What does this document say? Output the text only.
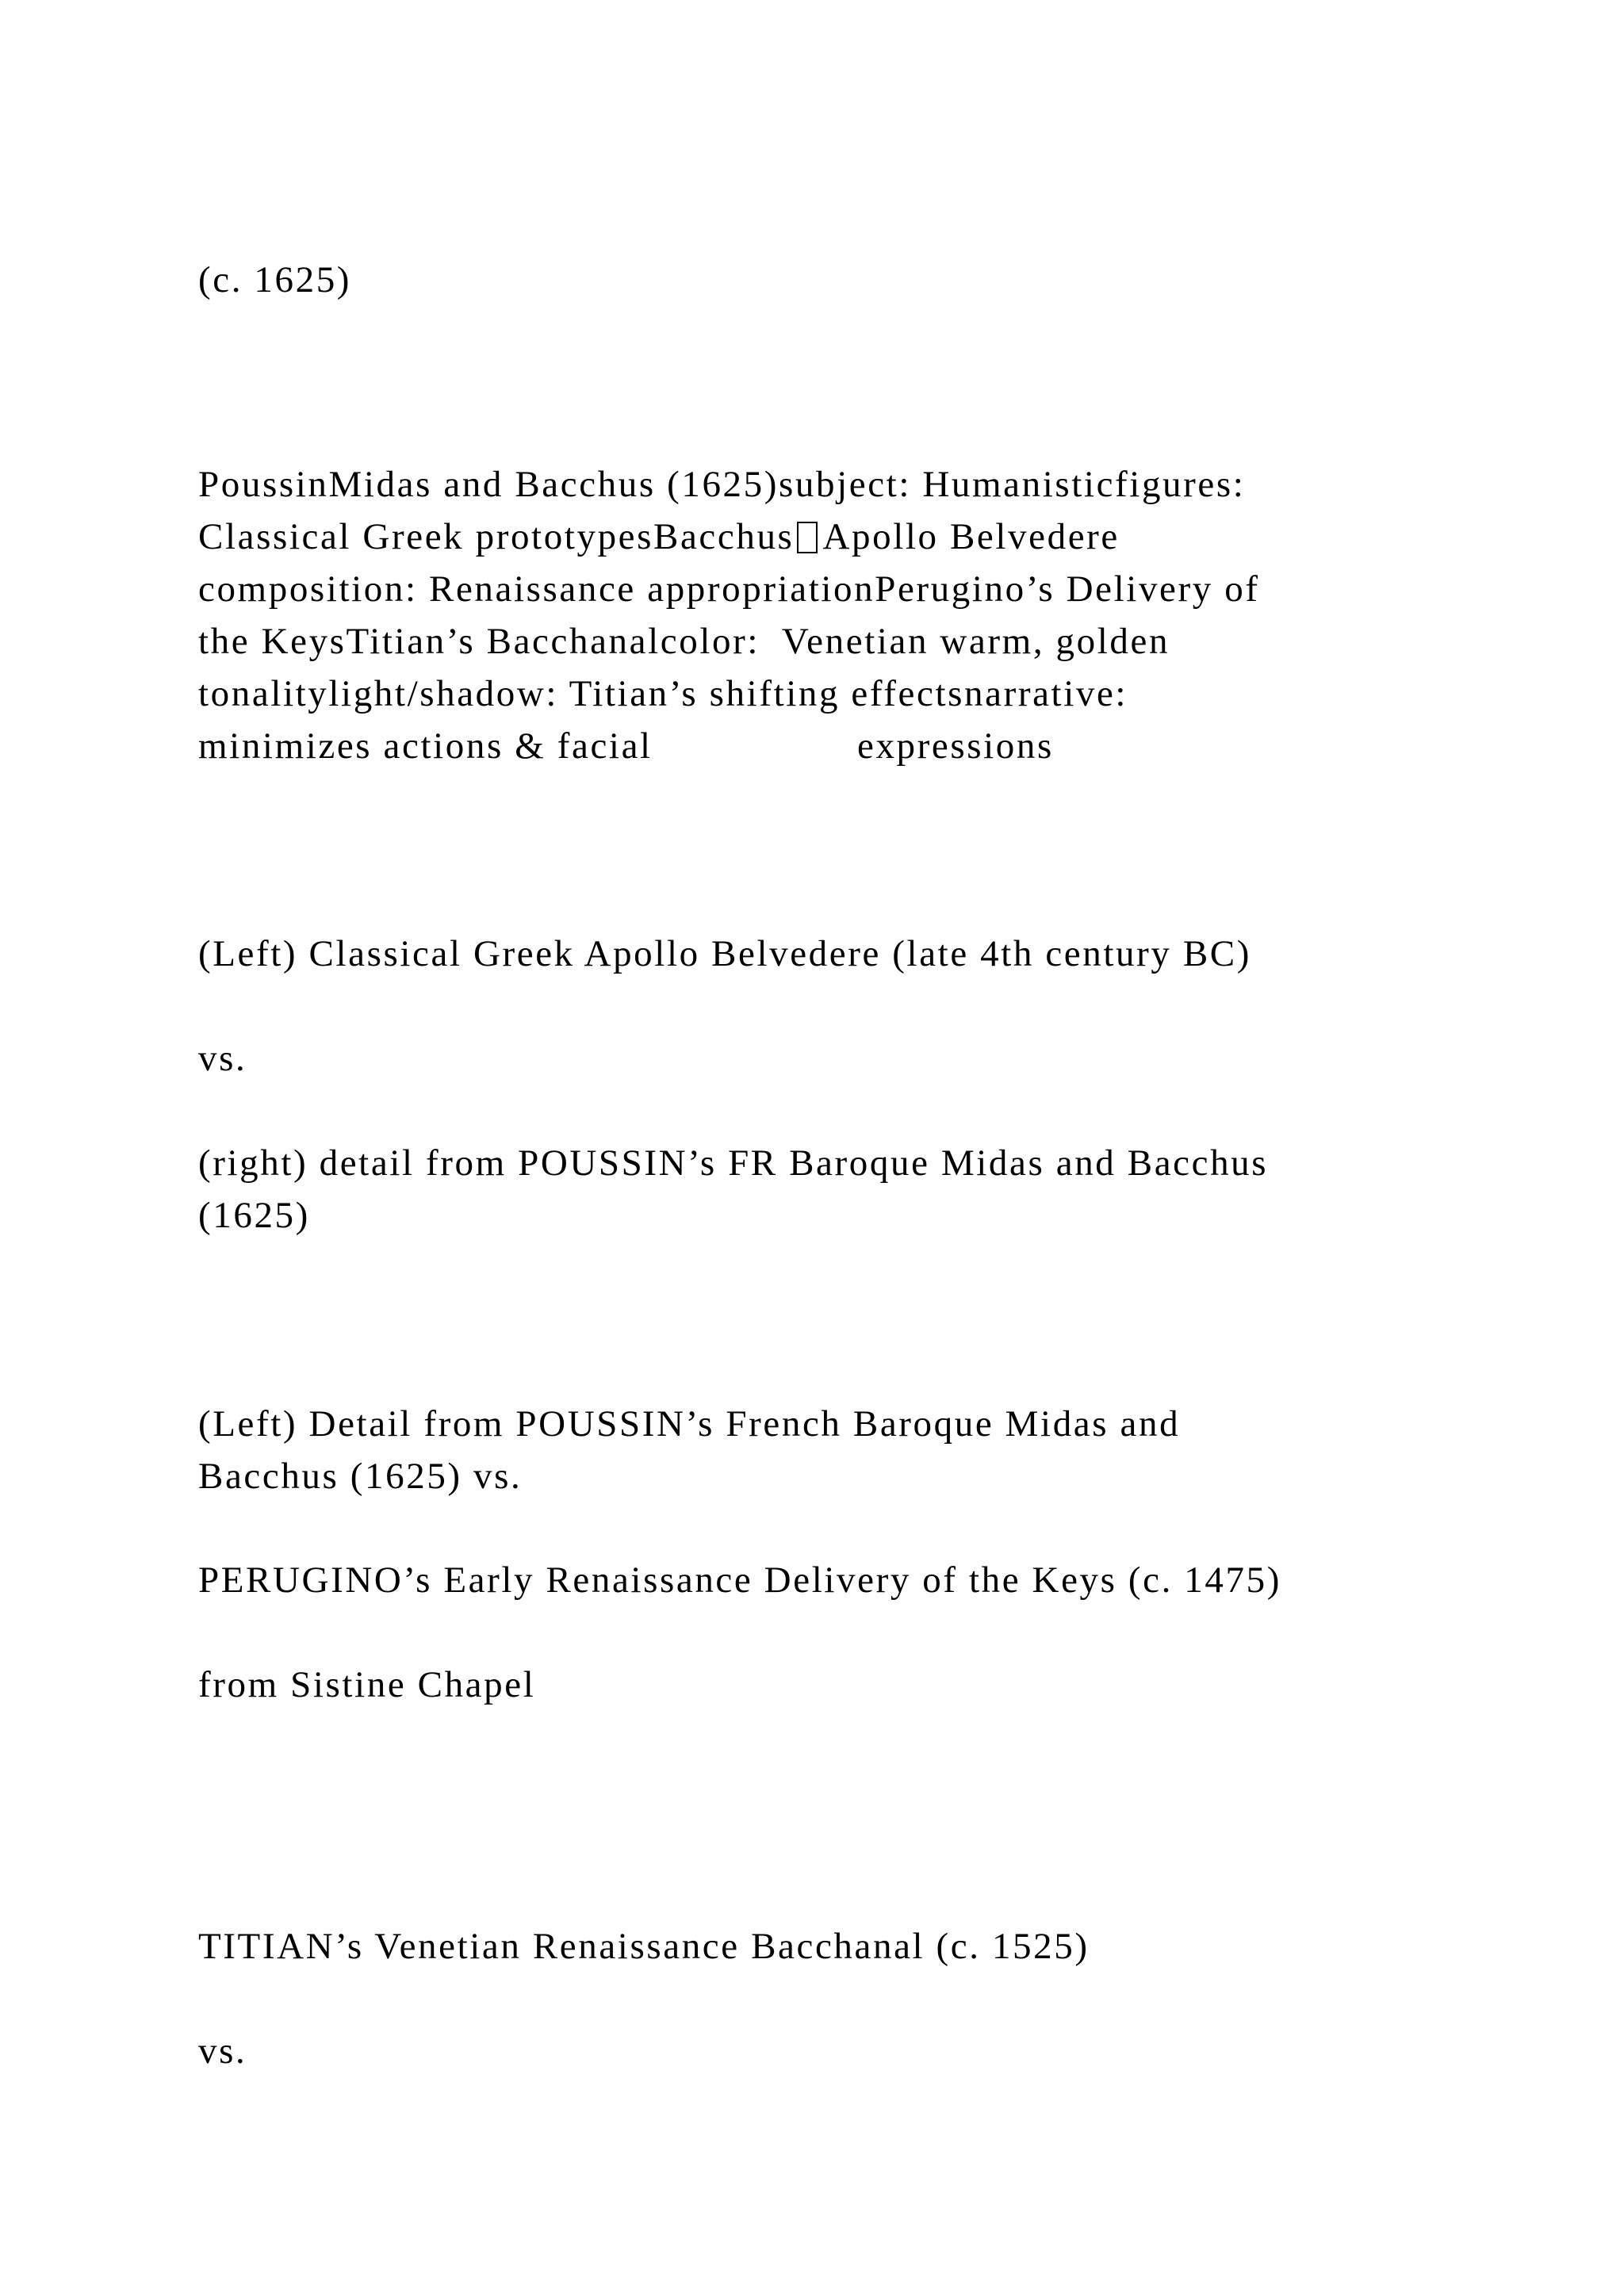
(c. 1625)

PoussinMidas and Bacchus (1625)subject: Humanisticfigures:
Classical Greek prototypesBacchus Apollo Belvedere
composition: Renaissance appropriationPerugino’s Delivery of
the KeysTitian’s Bacchanalcolor:  Venetian warm, golden
tonalitylight/shadow: Titian’s shifting effectsnarrative:
minimizes actions & facial                  expressions

(Left) Classical Greek Apollo Belvedere (late 4th century BC)

vs.

(right) detail from POUSSIN’s FR Baroque Midas and Bacchus
(1625)

(Left) Detail from POUSSIN’s French Baroque Midas and
Bacchus (1625) vs.

PERUGINO’s Early Renaissance Delivery of the Keys (c. 1475)

from Sistine Chapel

TITIAN’s Venetian Renaissance Bacchanal (c. 1525)

vs.
